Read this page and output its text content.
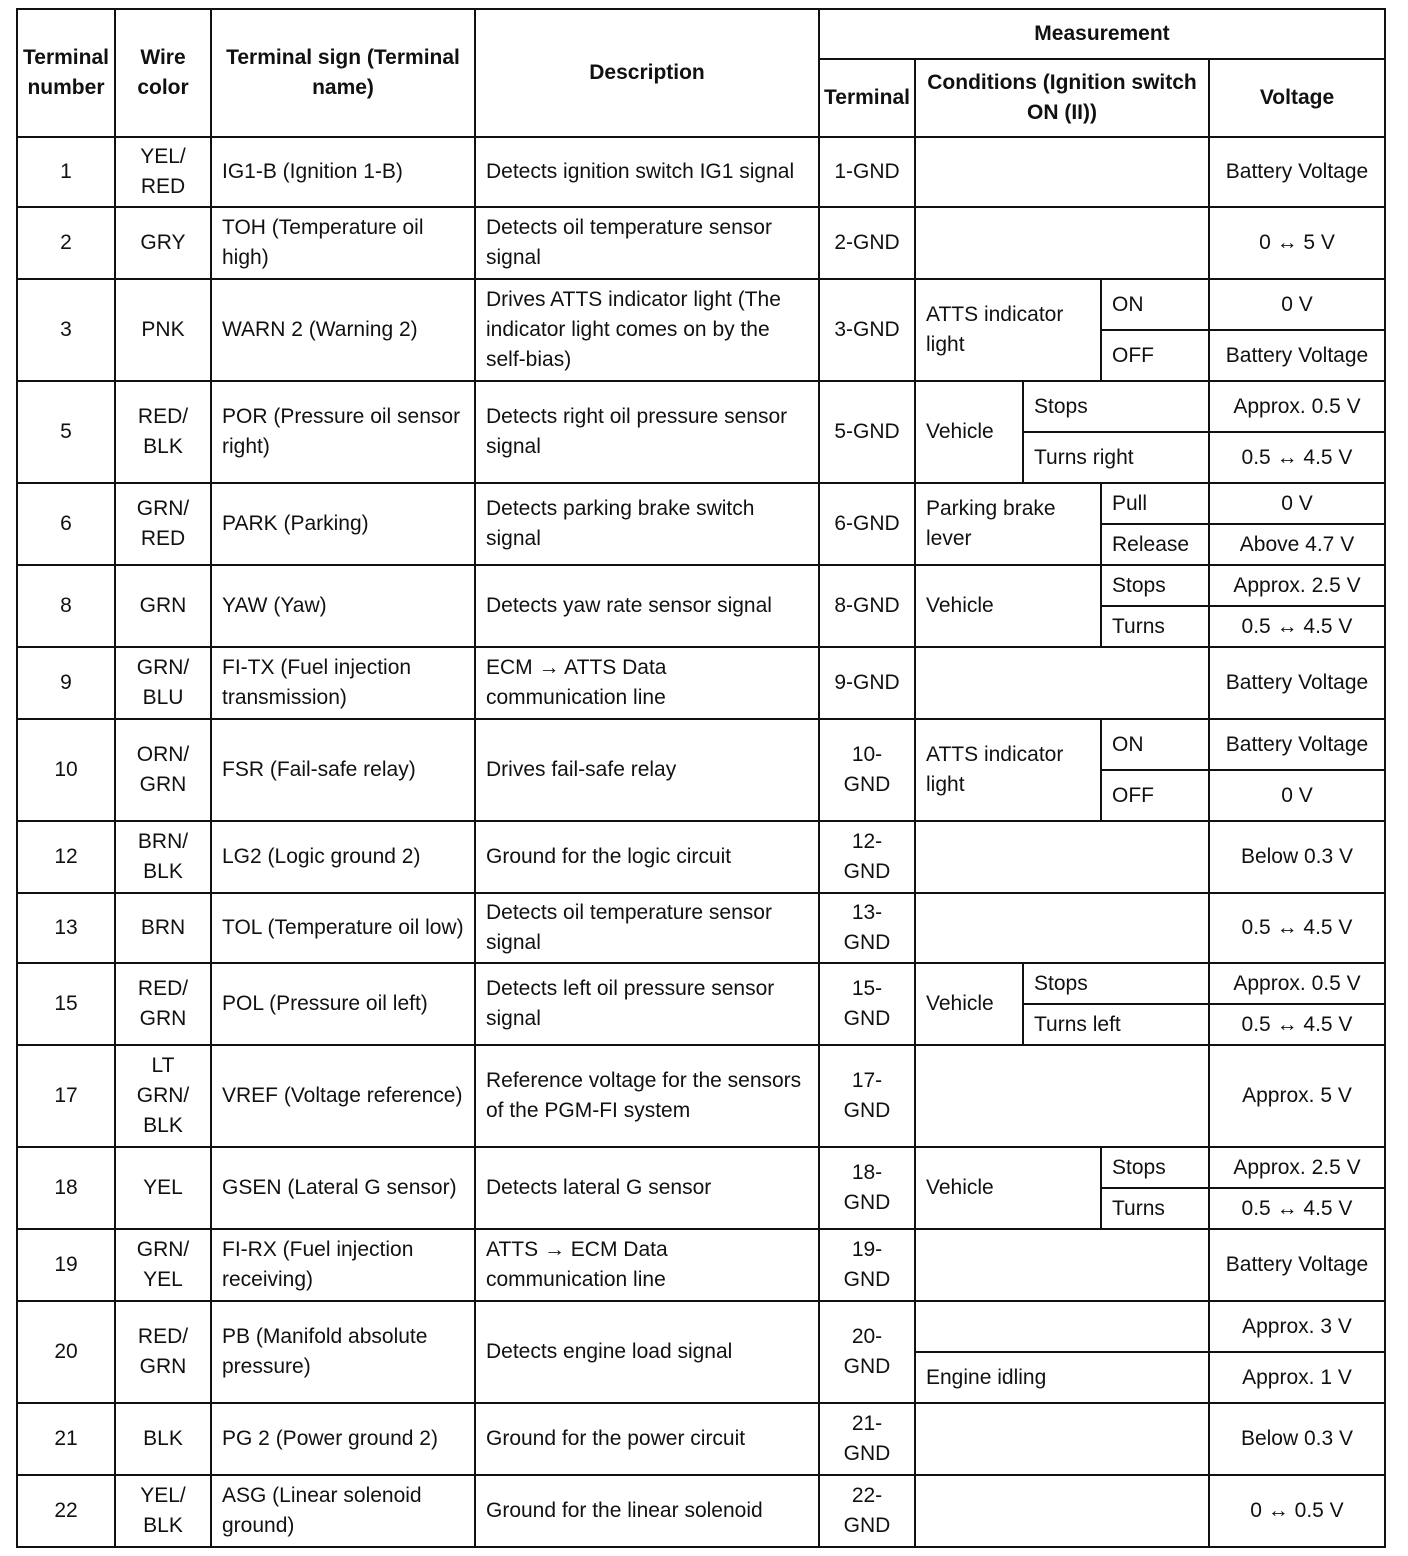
Terminal number	Wire color	Terminal sign (Terminal name)	Description	Measurement				
				Terminal	Conditions (Ignition switch ON (II))			Voltage
1	YEL/ RED	IG1-B (Ignition 1-B)	Detects ignition switch IG1 signal	1-GND				Battery Voltage
2	GRY	TOH (Temperature oil high)	Detects oil temperature sensor signal	2-GND				0 ↔ 5 V
3	PNK	WARN 2 (Warning 2)	Drives ATTS indicator light (The indicator light comes on by the self-bias)	3-GND	ATTS indicator light		ON	0 V
							OFF	Battery Voltage
5	RED/ BLK	POR (Pressure oil sensor right)	Detects right oil pressure sensor signal	5-GND	Vehicle	Stops		Approx. 0.5 V
						Turns right		0.5 ↔ 4.5 V
6	GRN/ RED	PARK (Parking)	Detects parking brake switch signal	6-GND	Parking brake lever		Pull	0 V
							Release	Above 4.7 V
8	GRN	YAW (Yaw)	Detects yaw rate sensor signal	8-GND	Vehicle		Stops	Approx. 2.5 V
							Turns	0.5 ↔ 4.5 V
9	GRN/ BLU	FI-TX (Fuel injection transmission)	ECM → ATTS Data communication line	9-GND				Battery Voltage
10	ORN/ GRN	FSR (Fail-safe relay)	Drives fail-safe relay	10-GND	ATTS indicator light		ON	Battery Voltage
							OFF	0 V
12	BRN/ BLK	LG2 (Logic ground 2)	Ground for the logic circuit	12-GND				Below 0.3 V
13	BRN	TOL (Temperature oil low)	Detects oil temperature sensor signal	13-GND				0.5 ↔ 4.5 V
15	RED/ GRN	POL (Pressure oil left)	Detects left oil pressure sensor signal	15-GND	Vehicle	Stops		Approx. 0.5 V
						Turns left		0.5 ↔ 4.5 V
17	LT GRN/ BLK	VREF (Voltage reference)	Reference voltage for the sensors of the PGM-FI system	17-GND				Approx. 5 V
18	YEL	GSEN (Lateral G sensor)	Detects lateral G sensor	18-GND	Vehicle		Stops	Approx. 2.5 V
							Turns	0.5 ↔ 4.5 V
19	GRN/ YEL	FI-RX (Fuel injection receiving)	ATTS → ECM Data communication line	19-GND				Battery Voltage
20	RED/ GRN	PB (Manifold absolute pressure)	Detects engine load signal	20-GND				Approx. 3 V
					Engine idling			Approx. 1 V
21	BLK	PG 2 (Power ground 2)	Ground for the power circuit	21-GND				Below 0.3 V
22	YEL/ BLK	ASG (Linear solenoid ground)	Ground for the linear solenoid	22-GND				0 ↔ 0.5 V
